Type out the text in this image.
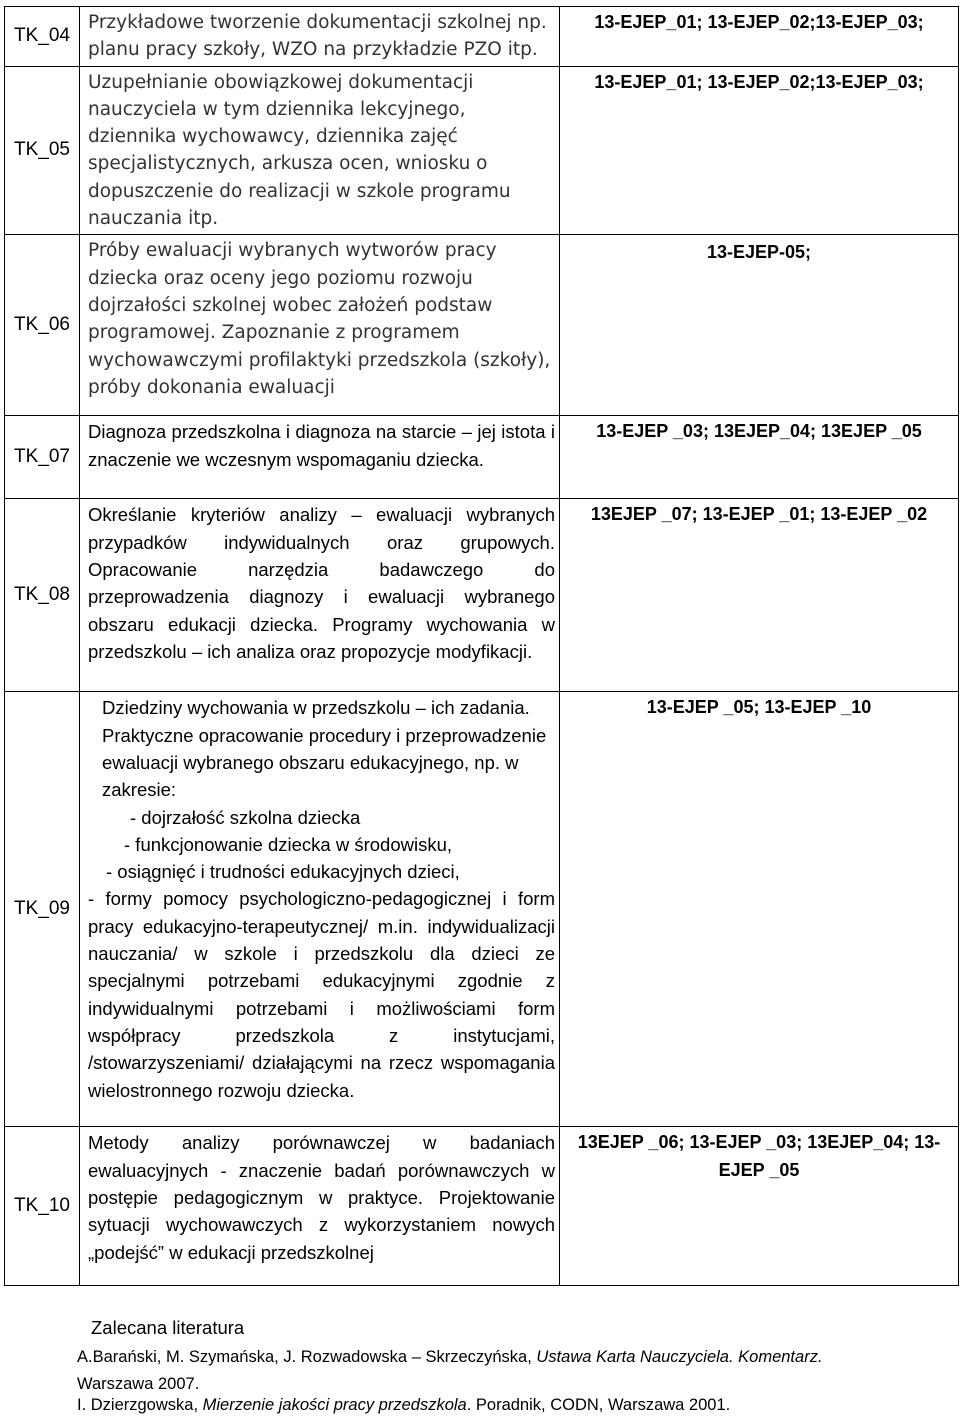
TK_04	Przykładowe tworzenie dokumentacji szkolnej np. planu pracy szkoły, WZO na przykładzie PZO itp.	13-EJEP_01; 13-EJEP_02;13-EJEP_03;
TK_05	Uzupełnianie obowiązkowej dokumentacji nauczyciela w tym dziennika lekcyjnego, dziennika wychowawcy, dziennika zajęć specjalistycznych, arkusza ocen, wniosku o dopuszczenie do realizacji w szkole programu nauczania itp.	13-EJEP_01; 13-EJEP_02;13-EJEP_03;
TK_06	Próby ewaluacji wybranych wytworów pracy dziecka oraz oceny jego poziomu rozwoju dojrzałości szkolnej wobec założeń podstaw programowej. Zapoznanie z programem wychowawczymi profilaktyki przedszkola (szkoły), próby dokonania ewaluacji	13-EJEP-05;
TK_07	Diagnoza przedszkolna i diagnoza na starcie – jej istota i znaczenie we wczesnym wspomaganiu dziecka.	13-EJEP _03; 13EJEP_04; 13EJEP _05
TK_08	Określanie kryteriów analizy – ewaluacji wybranych przypadków indywidualnych oraz grupowych. Opracowanie narzędzia badawczego do przeprowadzenia diagnozy i ewaluacji wybranego obszaru edukacji dziecka. Programy wychowania w przedszkolu – ich analiza oraz propozycje modyfikacji.	13EJEP _07; 13-EJEP _01; 13-EJEP _02
TK_09	Dziedziny wychowania w przedszkolu – ich zadania. Praktyczne opracowanie procedury i przeprowadzenie ewaluacji wybranego obszaru edukacyjnego, np. w zakresie:
- dojrzałość szkolna dziecka
- funkcjonowanie dziecka w środowisku,
- osiągnięć i trudności edukacyjnych dzieci,
- formy pomocy psychologiczno-pedagogicznej i form pracy edukacyjno-terapeutycznej/ m.in. indywidualizacji nauczania/ w szkole i przedszkolu dla dzieci ze specjalnymi potrzebami edukacyjnymi zgodnie z indywidualnymi potrzebami i możliwościami form współpracy przedszkola z instytucjami, /stowarzyszeniami/ działającymi na rzecz wspomagania wielostronnego rozwoju dziecka.	13-EJEP _05; 13-EJEP _10
TK_10	Metody analizy porównawczej w badaniach ewaluacyjnych - znaczenie badań porównawczych w postępie pedagogicznym w praktyce. Projektowanie sytuacji wychowawczych z wykorzystaniem nowych „podejść” w edukacji przedszkolnej	13EJEP _06; 13-EJEP _03; 13EJEP_04; 13-EJEP _05
Zalecana literatura
A.Barański, M. Szymańska, J. Rozwadowska – Skrzeczyńska, Ustawa Karta Nauczyciela. Komentarz.
Warszawa 2007.
I. Dzierzgowska, Mierzenie jakości pracy przedszkola. Poradnik, CODN, Warszawa 2001.
